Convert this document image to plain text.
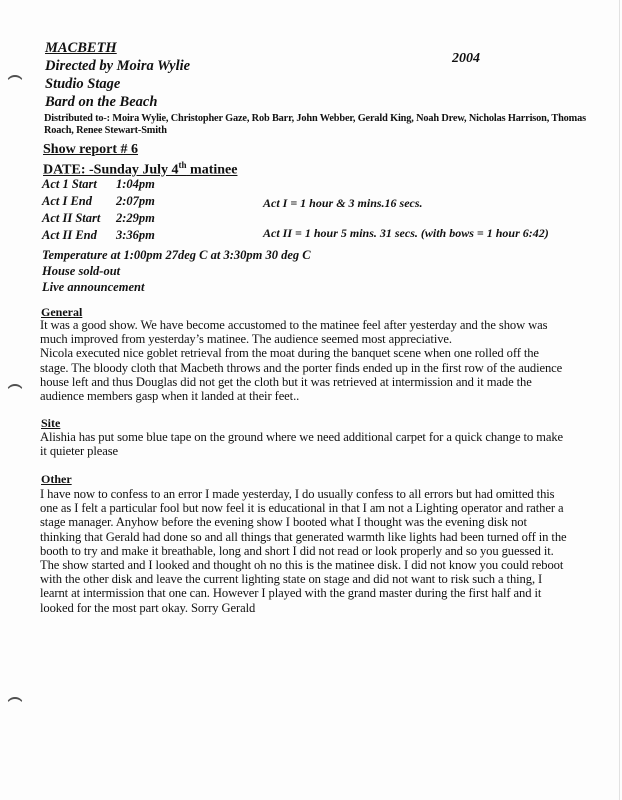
MACBETH
Directed by Moira Wylie
Studio Stage
Bard on the Beach
2004
Distributed to-: Moira Wylie, Christopher Gaze, Rob Barr, John Webber, Gerald King, Noah Drew, Nicholas Harrison, Thomas Roach, Renee Stewart-Smith
Show report # 6
DATE: -Sunday July 4th matinee
Act 1 Start	1:04pm
Act I End	2:07pm
Act II Start	2:29pm
Act II End	3:36pm
Act I = 1 hour & 3 mins.16 secs.
Act II = 1 hour 5 mins. 31 secs. (with bows = 1 hour 6:42)
Temperature at 1:00pm 27deg C at 3:30pm 30 deg C
House sold-out
Live announcement
General
It was a good show. We have become accustomed to the matinee feel after yesterday and the show was much improved from yesterday’s matinee. The audience seemed most appreciative.
Nicola executed nice goblet retrieval from the moat during the banquet scene when one rolled off the stage. The bloody cloth that Macbeth throws and the porter finds ended up in the first row of the audience house left and thus Douglas did not get the cloth but it was retrieved at intermission and it made the audience members gasp when it landed at their feet..
Site
Alishia has put some blue tape on the ground where we need additional carpet for a quick change to make it quieter please
Other
I have now to confess to an error I made yesterday, I do usually confess to all errors but had omitted this one as I felt a particular fool but now feel it is educational in that I am not a Lighting operator and rather a stage manager. Anyhow before the evening show I booted what I thought was the evening disk not thinking that Gerald had done so and all things that generated warmth like lights had been turned off in the booth to try and make it breathable, long and short I did not read or look properly and so you guessed it. The show started and I looked and thought oh no this is the matinee disk. I did not know you could reboot with the other disk and leave the current lighting state on stage and did not want to risk such a thing, I learnt at intermission that one can. However I played with the grand master during the first half and it looked for the most part okay. Sorry Gerald
